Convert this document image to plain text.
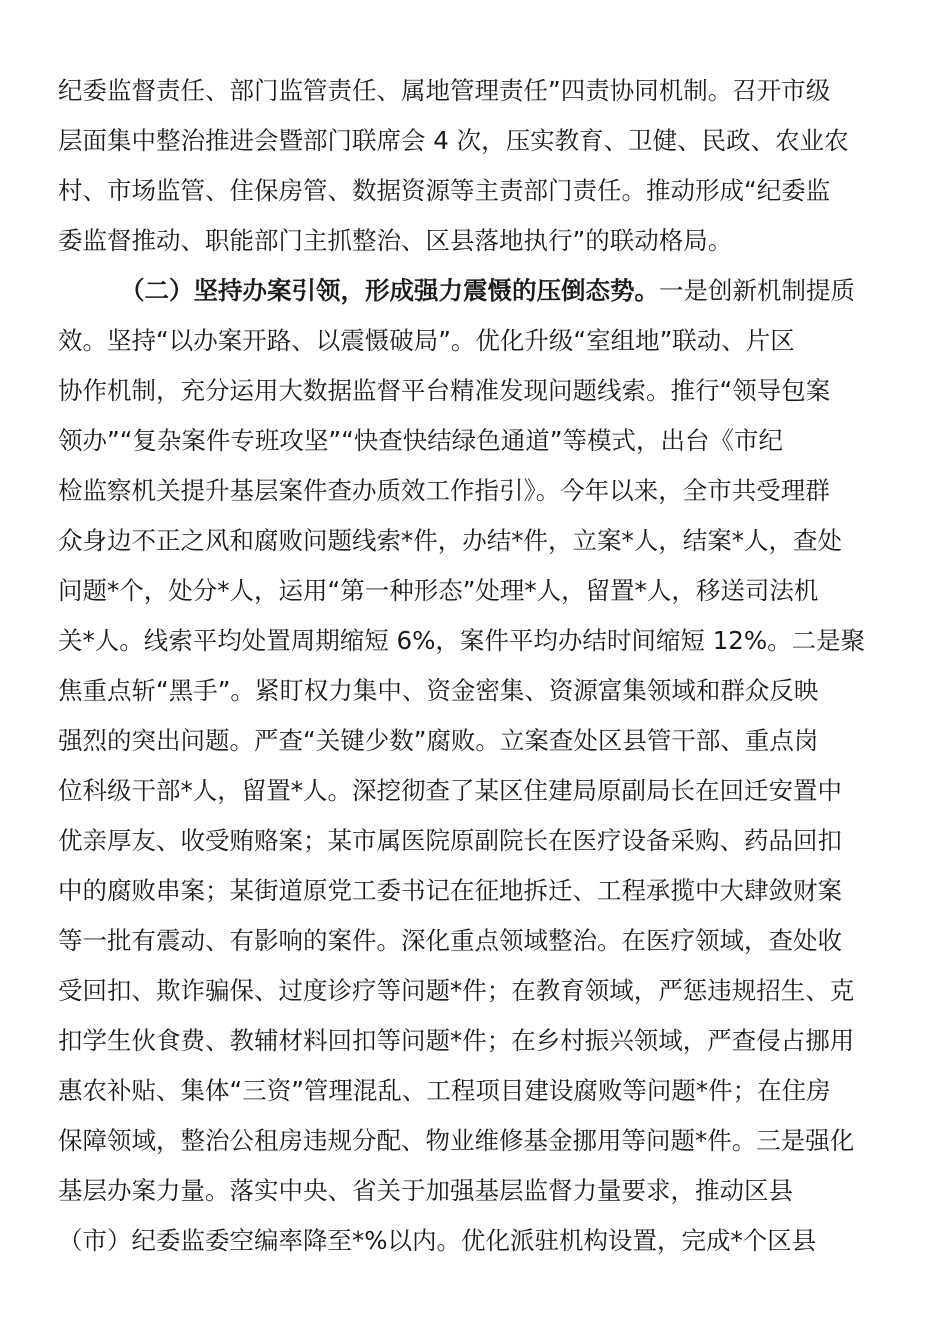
纪委监督责任、部门监管责任、属地管理责任”四责协同机制。召开市级
层面集中整治推进会暨部门联席会 4 次，压实教育、卫健、民政、农业农
村、市场监管、住保房管、数据资源等主责部门责任。推动形成“纪委监
委监督推动、职能部门主抓整治、区县落地执行”的联动格局。
（二）坚持办案引领，形成强力震慑的压倒态势。一是创新机制提质
效。坚持“以办案开路、以震慑破局”。优化升级“室组地”联动、片区
协作机制，充分运用大数据监督平台精准发现问题线索。推行“领导包案
领办”“复杂案件专班攻坚”“快查快结绿色通道”等模式，出台《市纪
检监察机关提升基层案件查办质效工作指引》。今年以来，全市共受理群
众身边不正之风和腐败问题线索*件，办结*件，立案*人，结案*人，查处
问题*个，处分*人，运用“第一种形态”处理*人，留置*人，移送司法机
关*人。线索平均处置周期缩短 6%，案件平均办结时间缩短 12%。二是聚
焦重点斩“黑手”。紧盯权力集中、资金密集、资源富集领域和群众反映
强烈的突出问题。严查“关键少数”腐败。立案查处区县管干部、重点岗
位科级干部*人，留置*人。深挖彻查了某区住建局原副局长在回迁安置中
优亲厚友、收受贿赂案；某市属医院原副院长在医疗设备采购、药品回扣
中的腐败串案；某街道原党工委书记在征地拆迁、工程承揽中大肆敛财案
等一批有震动、有影响的案件。深化重点领域整治。在医疗领域，查处收
受回扣、欺诈骗保、过度诊疗等问题*件；在教育领域，严惩违规招生、克
扣学生伙食费、教辅材料回扣等问题*件；在乡村振兴领域，严查侵占挪用
惠农补贴、集体“三资”管理混乱、工程项目建设腐败等问题*件；在住房
保障领域，整治公租房违规分配、物业维修基金挪用等问题*件。三是强化
基层办案力量。落实中央、省关于加强基层监督力量要求，推动区县
（市）纪委监委空编率降至*%以内。优化派驻机构设置，完成*个区县
